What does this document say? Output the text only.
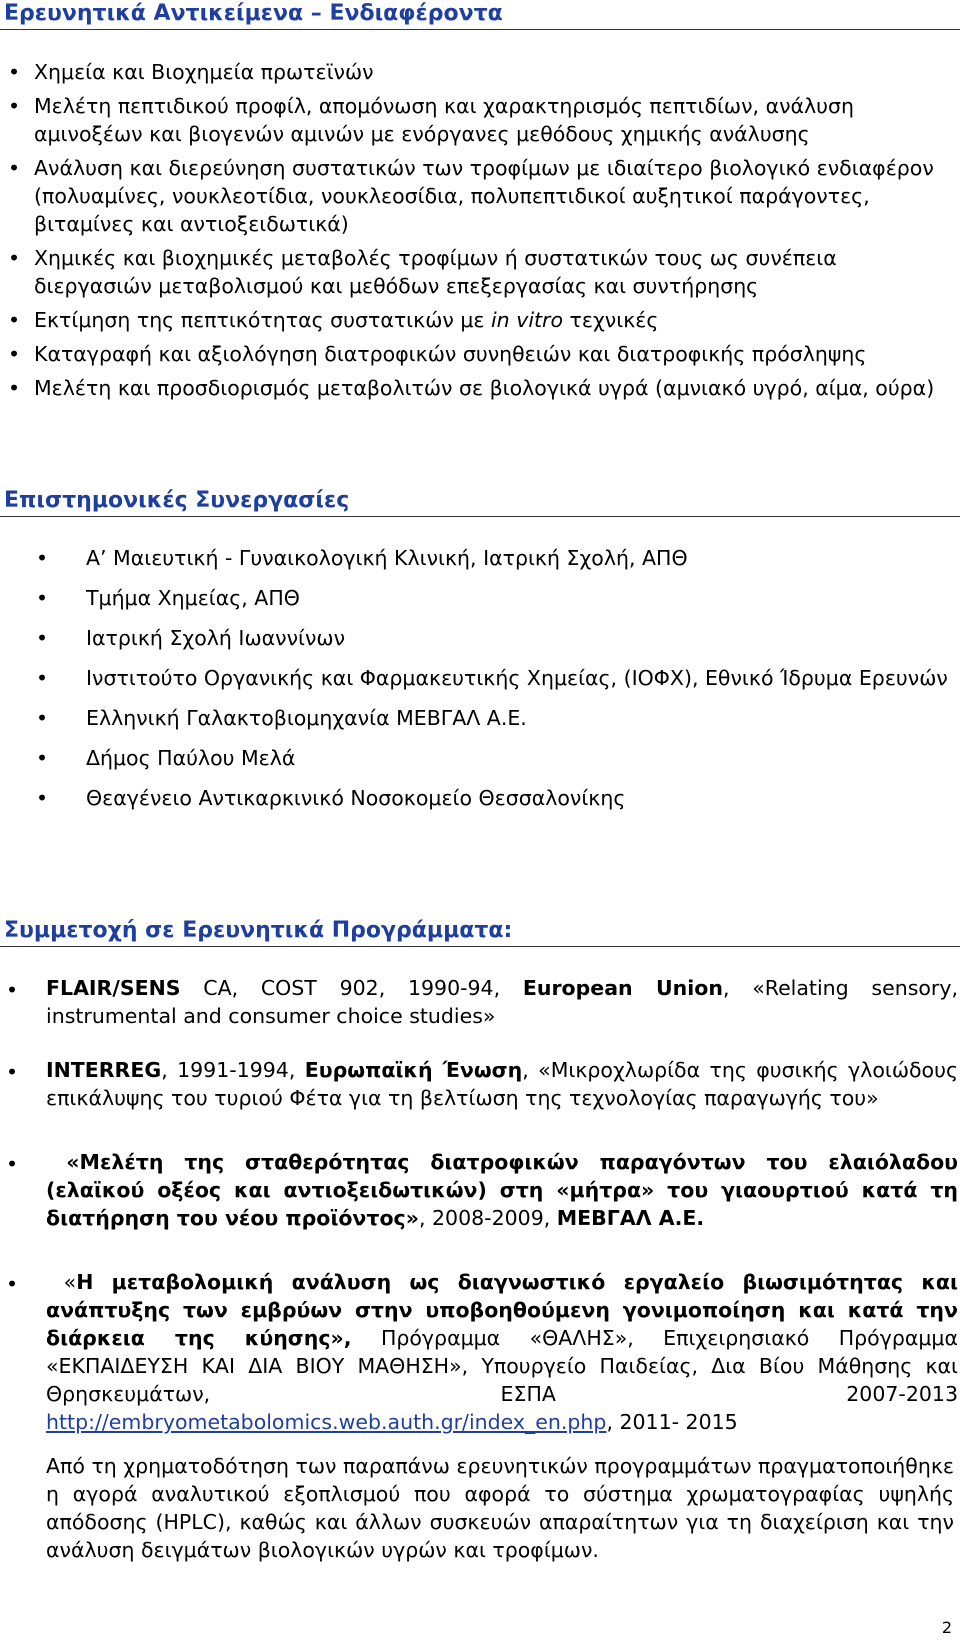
Ερευνητικά Αντικείμενα – Ενδιαφέροντα
• Χημεία και Βιοχημεία πρωτεϊνών
• Μελέτη πεπτιδικού προφίλ, απομόνωση και χαρακτηρισμός πεπτιδίων, ανάλυση αμινοξέων και βιογενών αμινών με ενόργανες μεθόδους χημικής ανάλυσης
• Ανάλυση και διερεύνηση συστατικών των τροφίμων με ιδιαίτερο βιολογικό ενδιαφέρον (πολυαμίνες, νουκλεοτίδια, νουκλεοσίδια, πολυπεπτιδικοί αυξητικοί παράγοντες, βιταμίνες και αντιοξειδωτικά)
• Χημικές και βιοχημικές μεταβολές τροφίμων ή συστατικών τους ως συνέπεια διεργασιών μεταβολισμού και μεθόδων επεξεργασίας και συντήρησης
• Εκτίμηση της πεπτικότητας συστατικών με in vitro τεχνικές
• Καταγραφή και αξιολόγηση διατροφικών συνηθειών και διατροφικής πρόσληψης
• Μελέτη και προσδιορισμός μεταβολιτών σε βιολογικά υγρά (αμνιακό υγρό, αίμα, ούρα)
Επιστημονικές Συνεργασίες
• Α’ Μαιευτική - Γυναικολογική Κλινική, Ιατρική Σχολή, ΑΠΘ
• Τμήμα Χημείας, ΑΠΘ
• Ιατρική Σχολή Ιωαννίνων
• Ινστιτούτο Οργανικής και Φαρμακευτικής Χημείας, (ΙΟΦΧ), Εθνικό Ίδρυμα Ερευνών
• Ελληνική Γαλακτοβιομηχανία ΜΕΒΓΑΛ Α.Ε.
• Δήμος Παύλου Μελά
• Θεαγένειο Αντικαρκινικό Νοσοκομείο Θεσσαλονίκης
Συμμετοχή σε Ερευνητικά Προγράμματα:
• FLAIR/SENS CA, COST 902, 1990-94, European Union, «Relating sensory, instrumental and consumer choice studies»
• INTERREG, 1991-1994, Ευρωπαϊκή Ένωση, «Μικροχλωρίδα της φυσικής γλοιώδους επικάλυψης του τυριού Φέτα για τη βελτίωση της τεχνολογίας παραγωγής του»
• «Μελέτη της σταθερότητας διατροφικών παραγόντων του ελαιόλαδου (ελαϊκού οξέος και αντιοξειδωτικών) στη «μήτρα» του γιαουρτιού κατά τη διατήρηση του νέου προϊόντος», 2008-2009, ΜΕΒΓΑΛ Α.Ε.
• «Η μεταβολομική ανάλυση ως διαγνωστικό εργαλείο βιωσιμότητας και ανάπτυξης των εμβρύων στην υποβοηθούμενη γονιμοποίηση και κατά την διάρκεια της κύησης», Πρόγραμμα «ΘΑΛΗΣ», Επιχειρησιακό Πρόγραμμα «ΕΚΠΑΙΔΕΥΣΗ ΚΑΙ ΔΙΑ ΒΙΟΥ ΜΑΘΗΣΗ», Υπουργείο Παιδείας, Δια Βίου Μάθησης και Θρησκευμάτων, ΕΣΠΑ 2007-2013 http://embryometabolomics.web.auth.gr/index_en.php, 2011- 2015
Από τη χρηματοδότηση των παραπάνω ερευνητικών προγραμμάτων πραγματοποιήθηκε η αγορά αναλυτικού εξοπλισμού που αφορά το σύστημα χρωματογραφίας υψηλής απόδοσης (HPLC), καθώς και άλλων συσκευών απαραίτητων για τη διαχείριση και την ανάλυση δειγμάτων βιολογικών υγρών και τροφίμων.
2
